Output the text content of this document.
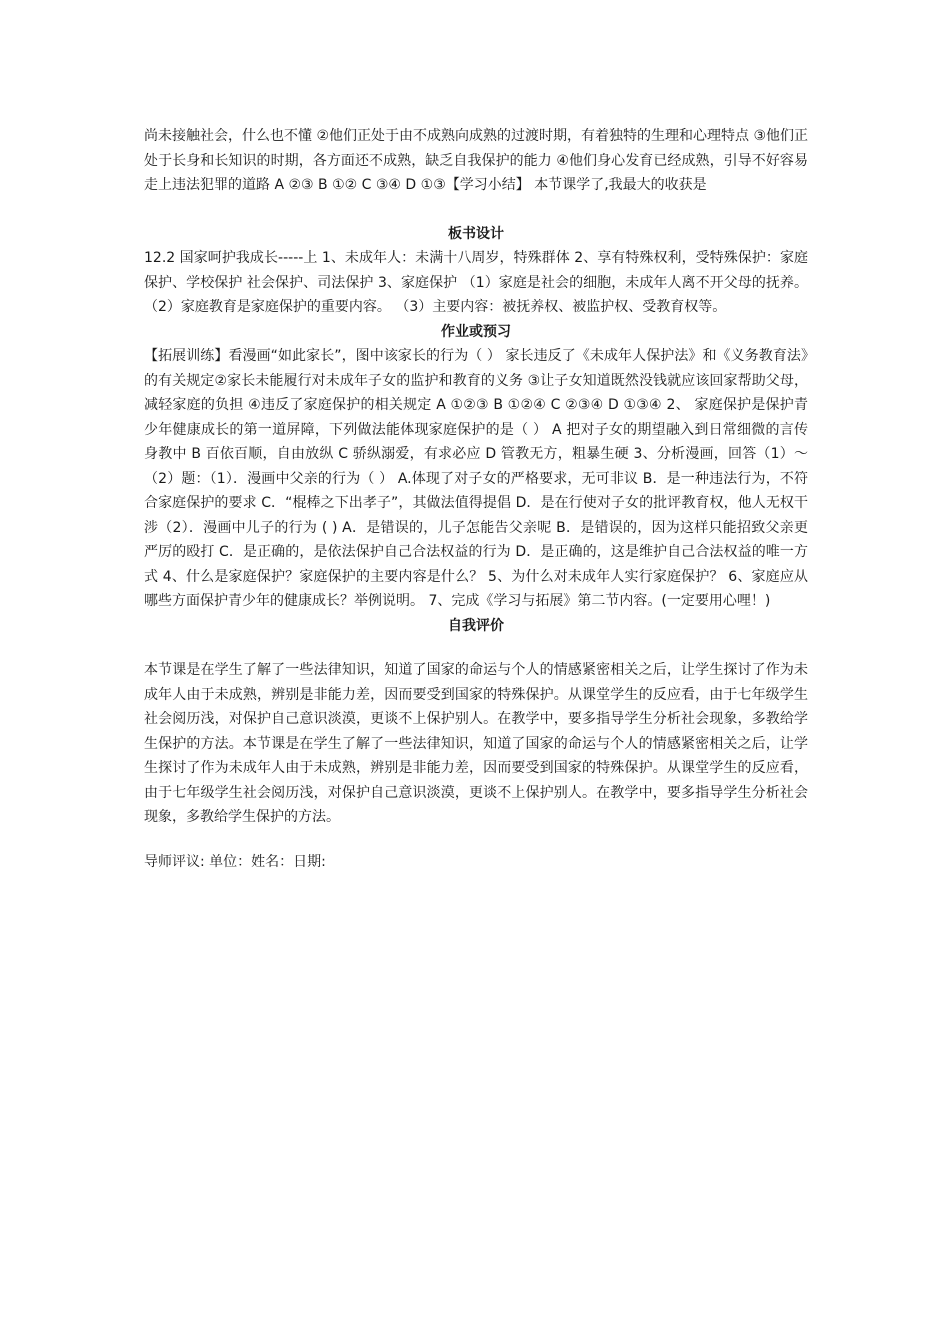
尚未接触社会，什么也不懂 ②他们正处于由不成熟向成熟的过渡时期，有着独特的生理和心理特点 ③他们正处于长身和长知识的时期，各方面还不成熟，缺乏自我保护的能力 ④他们身心发育已经成熟，引导不好容易走上违法犯罪的道路 A ②③ B ①② C ③④ D ①③【学习小结】 本节课学了,我最大的收获是

板书设计

12.2 国家呵护我成长-----上 1、未成年人：未满十八周岁，特殊群体 2、享有特殊权利，受特殊保护：家庭保护、学校保护 社会保护、司法保护 3、家庭保护 （1）家庭是社会的细胞，未成年人离不开父母的抚养。 （2）家庭教育是家庭保护的重要内容。 （3）主要内容：被抚养权、被监护权、受教育权等。

作业或预习

【拓展训练】看漫画“如此家长”，图中该家长的行为（ ） 家长违反了《未成年人保护法》和《义务教育法》的有关规定②家长未能履行对未成年子女的监护和教育的义务 ③让子女知道既然没钱就应该回家帮助父母，减轻家庭的负担 ④违反了家庭保护的相关规定 A ①②③ B ①②④ C ②③④ D ①③④ 2、 家庭保护是保护青少年健康成长的第一道屏障，下列做法能体现家庭保护的是（ ） A 把对子女的期望融入到日常细微的言传身教中 B 百依百顺，自由放纵 C 骄纵溺爱，有求必应 D 管教无方，粗暴生硬 3、分析漫画，回答（1）～（2）题：（1）．漫画中父亲的行为（ ） A.体现了对子女的严格要求，无可非议 B．是一种违法行为，不符合家庭保护的要求 C．“棍棒之下出孝子”，其做法值得提倡 D．是在行使对子女的批评教育权，他人无权干涉（2）．漫画中儿子的行为 ( ) A．是错误的，儿子怎能告父亲呢 B．是错误的，因为这样只能招致父亲更严厉的殴打 C．是正确的，是依法保护自己合法权益的行为 D．是正确的，这是维护自己合法权益的唯一方式 4、什么是家庭保护？家庭保护的主要内容是什么？ 5、为什么对未成年人实行家庭保护？ 6、家庭应从哪些方面保护青少年的健康成长？举例说明。 7、完成《学习与拓展》第二节内容。(一定要用心哩！)

自我评价

本节课是在学生了解了一些法律知识，知道了国家的命运与个人的情感紧密相关之后，让学生探讨了作为未成年人由于未成熟，辨别是非能力差，因而要受到国家的特殊保护。从课堂学生的反应看，由于七年级学生社会阅历浅，对保护自己意识淡漠，更谈不上保护别人。在教学中，要多指导学生分析社会现象，多教给学生保护的方法。本节课是在学生了解了一些法律知识，知道了国家的命运与个人的情感紧密相关之后，让学生探讨了作为未成年人由于未成熟，辨别是非能力差，因而要受到国家的特殊保护。从课堂学生的反应看，由于七年级学生社会阅历浅，对保护自己意识淡漠，更谈不上保护别人。在教学中，要多指导学生分析社会现象，多教给学生保护的方法。

导师评议: 单位：姓名：日期:
